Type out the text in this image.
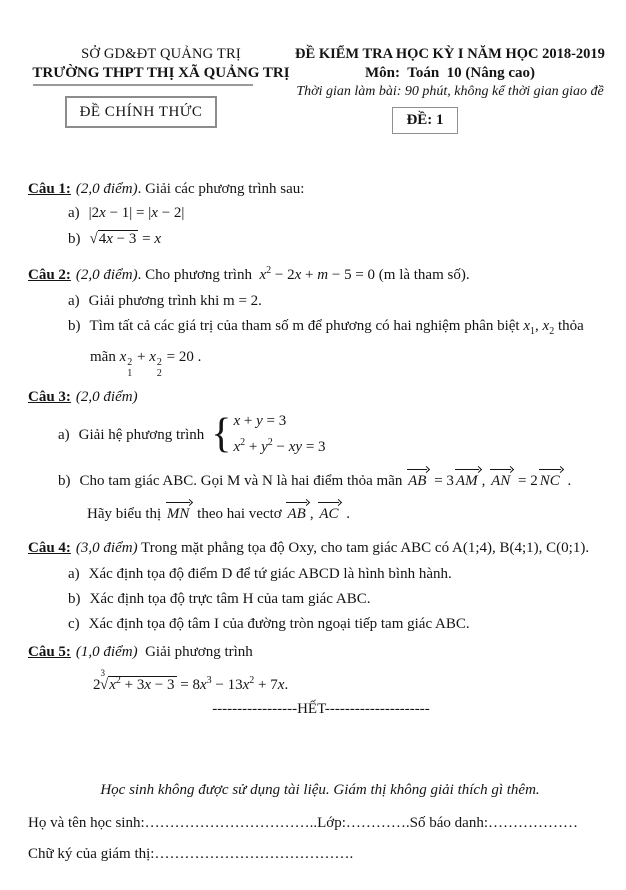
SỞ GD&ĐT QUẢNG TRỊ
TRƯỜNG THPT THỊ XÃ QUẢNG TRỊ
ĐỀ CHÍNH THỨC
ĐỀ KIỂM TRA HỌC KỲ I NĂM HỌC 2018-2019
Môn:  Toán  10 (Nâng cao)
Thời gian làm bài: 90 phút, không kể thời gian giao đề
ĐỀ: 1
Câu 1: (2,0 điểm). Giải các phương trình sau:
a) |2x − 1| = |x − 2|
b) √4x − 3 = x
Câu 2: (2,0 điểm). Cho phương trình  $x^2 - 2x + m - 5 = 0$ (m là tham số).
a) Giải phương trình khi m = 2.
b) Tìm tất cả các giá trị của tham số m để phương có hai nghiệm phân biệt $x_1$, $x_2$ thỏa
mãn x 2
1
+ x 2
2
= 20 .
Câu 3: (2,0 điểm)
a) Giải hệ phương trình { x + y = 3
$x^2 + y^2$ − xy = 3
b) Cho tam giác ABC. Gọi M và N là hai điểm thỏa mãn AB = 3 AM , AN = 2 NC .
Hãy biểu thị MN theo hai vectơ AB , AC .
Câu 4: (3,0 điểm) Trong mặt phẳng tọa độ Oxy, cho tam giác ABC có A(1;4), B(4;1), C(0;1).
a) Xác định tọa độ điểm D để tứ giác ABCD là hình bình hành.
b) Xác định tọa độ trực tâm H của tam giác ABC.
c) Xác định tọa độ tâm I của đường tròn ngoại tiếp tam giác ABC.
Câu 5: (1,0 điểm)  Giải phương trình
$2^3√x^2 + 3x - 3 = 8x^3 - 13x^2 + 7x$.
-----------------HẾT---------------------
Học sinh không được sử dụng tài liệu. Giám thị không giải thích gì thêm.
Họ và tên học sinh:……………………………..Lớp:………….Số báo danh:………………
Chữ ký của giám thị:………………………………….
